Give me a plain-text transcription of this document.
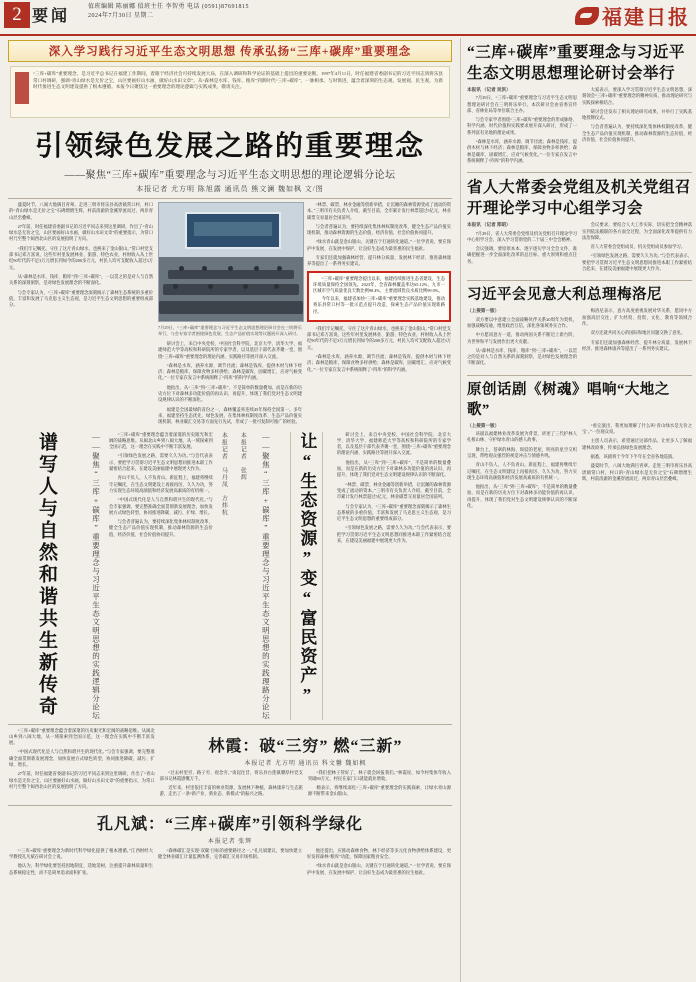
2 要闻
值班编辑 陈丽娜 值班主任 李智勇 电话 (0591)87691815
2024年7月30日 星期二	福建日报
深入学习践行习近平生态文明思想 传承弘扬“三库+碳库”重要理念

“三库+碳库”重要理念，是习近平总书记在福建工作期间，着眼于经济社会可持续发展大局，在深入调研和科学论证的基础上提出的重要论断。1997年4月11日，时任福建省委副书记的习近平同志到将乐县常口村调研，强调“青山绿水是无价之宝，山区要画好山水画，做好山水田文章”。从“森林是水库、钱库、粮库”到新时代“三库+碳库”，一脉相承、与时俱进，蕴含着深刻的生态观、发展观、民生观，为新时代推进生态文明建设提供了根本遵循。本报今日聚焦这一重要理念的理论逻辑与实践成果，敬请关注。

引领绿色发展之路的重要理念
——聚焦“三库+碳库”重要理念与习近平生态文明思想的理论逻辑分论坛
本报记者 尤方明 陈旭露 通讯员 熊文澜 魏如枫 文/图

盛夏时节，八闽大地满目青翠。走进三明市将乐县高唐镇常口村，村口的“青山绿水是无价之宝”石碑熠熠生辉，村前清澈的金溪穿流而过，两岸青山层峦叠嶂。

27年前，时任福建省委副书记的习近平同志来到这里调研，作出了“青山绿水是无价之宝，山区要画好山水画，做好山水田文章”的重要指示，为常口村乃至整个闽西北山区的发展指明了方向。

“我们牢记嘱托，守住了这片青山绿水，也换来了金山银山。”常口村党支部书记邓万富说，这些年村里发展林业、旅游、特色农业，村财收入从上世纪90年代的不足3万元增长到如今的200多万元，村民人均可支配收入超过3万元。

从“森林是水库、钱库、粮库”到“三库+碳库”，一以贯之的是对人与自然关系的深刻洞察，是对绿色发展理念的不断深化。

与会专家认为，“三库+碳库”重要理念深刻揭示了森林生态系统的多重价值，丰富和发展了马克思主义生态观，是习近平生态文明思想的重要组成部分。

7月29日，“三库+碳库”重要理念与习近平生态文明思想理论研讨会在三明将乐举行，与会专家学者围绕绿色发展、生态产品价值实现等议题展开深入研讨。

研讨会上，来自中央党校、中国社会科学院、北京大学、清华大学、福建师范大学等高校和科研院所的专家学者，以及基层干部代表齐聚一堂，围绕“三库+碳库”重要理念的理论内涵、实践路径等展开深入交流。

“森林是水库，涵养水源、调节径流；森林是钱库，提供木材与林下经济；森林是粮库，保障食物多样供给；森林是碳库，固碳增汇、应对气候变化。”一位专家在发言中系统阐释了“四库”的科学内涵。

他指出，从“三库”到“三库+碳库”，不是简单的数量叠加，而是在新的历史方位下对森林多功能价值的再认识、再提升，体现了我们党对生态文明建设规律认识的不断深化。

福建是全国最绿的省份之一，森林覆盖率连续45年保持全国第一。多年来，福建坚持生态优先、绿色发展，在集体林权制度改革、生态产品价值实现机制、林业碳汇交易等方面先行先试，形成了一批可复制可推广的经验。

“林票、碳票、林业金融等创新举措，让沉睡的森林资源变成了流动的资本。”三明市有关负责人介绍，截至目前，全市累计发行林票超过5亿元，林业碳票交易量居全国前列。

与会者普遍认为，要持续深化集体林权制度改革，健全生态产品价值实现机制，推动森林资源的生态价值、经济价值、社会价值协同提升。

“绿水青山就是金山银山，关键在于打通转化通道。”一位学者说，要在保护中发展、在发展中保护，让良好生态成为最普惠的民生福祉。

专家们还就加强森林经营、提升林分质量、发展林下经济、推进森林康养等提出了一系列务实建议。

“三库+碳库”重要理念提出以来，福建持续推进生态省建设，生态环境质量保持全国领先。2023年，全省森林覆盖率达65.12%，九市一区城市空气质量优良天数比例98.4%，主要流域优良水质比例99.0%。

今年以来，福建省加快“三库+碳库”重要理念实践基地建设，推动将乐县常口村等一批示范点提升改造，探索生态产品价值实现新路径。

“我们牢记嘱托，守住了这片青山绿水，也换来了金山银山。”常口村党支部书记邓万富说，这些年村里发展林业、旅游、特色农业，村财收入从上世纪90年代的不足3万元增长到如今的200多万元，村民人均可支配收入超过3万元。

“森林是水库，涵养水源、调节径流；森林是钱库，提供木材与林下经济；森林是粮库，保障食物多样供给；森林是碳库，固碳增汇、应对气候变化。”一位专家在发言中系统阐释了“四库”的科学内涵。

谱写人与自然和谐共生新传奇	——聚焦“三库+碳库”重要理念与习近平生态文明思想的实践逻辑分论坛	“三库+碳库”重要理念蕴含着深邃的历史眼光和宏阔的战略思维。从闽北山乡到八闽大地，从一域探索到全国示范，这一理念在实践中不断丰富发展。

“引领绿色发展之路，需要久久为功。”与会代表表示，要把学习贯彻习近平生态文明思想同推进本职工作紧密结合起来，在建设美丽福建中展现更大作为。

青山不负人，人不负青山。新征程上，福建将继续牢记嘱托，在生态文明建设上再接再厉、久久为功，努力实现生态环境高颜值和经济发展高素质的有机统一。

“中国式现代化是人与自然和谐共生的现代化。”与会专家强调，要完整准确全面贯彻新发展理念，加快发展方式绿色转型，协同推进降碳、减污、扩绿、增长。

与会者普遍认为，要持续深化集体林权制度改革，健全生态产品价值实现机制，推动森林资源的生态价值、经济价值、社会价值协同提升。

本报记者 马丹凤 方炜杭	本报记者 张辉 ——聚焦“三库+碳库”重要理念与习近平生态文明思想的实践理路分论坛	让“生态资源”变“富民资产”	研讨会上，来自中央党校、中国社会科学院、北京大学、清华大学、福建师范大学等高校和科研院所的专家学者，以及基层干部代表齐聚一堂，围绕“三库+碳库”重要理念的理论内涵、实践路径等展开深入交流。

他指出，从“三库”到“三库+碳库”，不是简单的数量叠加，而是在新的历史方位下对森林多功能价值的再认识、再提升，体现了我们党对生态文明建设规律认识的不断深化。

“林票、碳票、林业金融等创新举措，让沉睡的森林资源变成了流动的资本。”三明市有关负责人介绍，截至目前，全市累计发行林票超过5亿元，林业碳票交易量居全国前列。

与会专家认为，“三库+碳库”重要理念深刻揭示了森林生态系统的多重价值，丰富和发展了马克思主义生态观，是习近平生态文明思想的重要组成部分。

“引领绿色发展之路，需要久久为功。”与会代表表示，要把学习贯彻习近平生态文明思想同推进本职工作紧密结合起来，在建设美丽福建中展现更大作为。

“三库+碳库”重要理念蕴含着深邃的历史眼光和宏阔的战略思维。从闽北山乡到八闽大地，从一域探索到全国示范，这一理念在实践中不断丰富发展。

“中国式现代化是人与自然和谐共生的现代化。”与会专家强调，要完整准确全面贯彻新发展理念，加快发展方式绿色转型，协同推进降碳、减污、扩绿、增长。

27年前，时任福建省委副书记的习近平同志来到这里调研，作出了“青山绿水是无价之宝，山区要画好山水画，做好山水田文章”的重要指示，为常口村乃至整个闽西北山区的发展指明了方向。

林霞：破“三穷” 燃“三新”
本报记者 尤方明 通讯员 科文馨 魏如枫

“过去村里穷、路子穷、观念穷。”谈起往昔，将乐县白莲镇墈厚村党支部书记林霞感慨万千。

近年来，村里依托丰富的林业资源，发展林下种植、森林康养与生态旅游，走出了一条“新产业、新业态、新模式”的振兴之路。

“我们把林子管好了，林子就会回报我们。”林霞说，如今村集体年收入突破80万元，村民在家门口就能就业增收。

她表示，将继续深化“三库+碳库”重要理念的实践探索，让绿水青山源源不断带来金山银山。

孔凡斌：“三库+碳库”引领科学绿化
本报记者 张辉

“‘三库+碳库’重要理念为新时代科学绿化提供了根本遵循。”江西财经大学教授孔凡斌在研讨会上说。

他认为，科学绿化要坚持因地制宜、适地适树，注重提升森林质量和生态系统稳定性，而不是简单追求面积扩张。

“森林碳汇是实现‘双碳’目标的重要路径之一。”孔凡斌建议，要加快建立健全林业碳汇计量监测体系，完善碳汇交易市场机制。

他还提出，应推动森林食物、林下经济等多元化食物供给体系建设，更好发挥森林“粮库”功能，保障国家粮食安全。

“绿水青山就是金山银山，关键在于打通转化通道。”一位学者说，要在保护中发展、在发展中保护，让良好生态成为最普惠的民生福祉。

“三库+碳库”重要理念与习近平生态文明思想理论研讨会举行
本报讯 （记者 吴洪）

7月29日，“三库+碳库”重要理念与习近平生态文明思想理论研讨会在三明将乐举行。本次研讨会由省委宣传部、省林业局等单位联合主办。

与会专家学者围绕“三库+碳库”重要理念的形成脉络、科学内涵、时代价值和实践要求展开深入研讨，形成了一系列富有见地的理论成果。

“森林是水库，涵养水源、调节径流；森林是钱库，提供木材与林下经济；森林是粮库，保障食物多样供给；森林是碳库，固碳增汇、应对气候变化。”一位专家在发言中系统阐释了“四库”的科学内涵。

大家表示，要深入学习贯彻习近平生态文明思想，深刻领会“三库+碳库”重要理念的精神实质，推动理论研究与实践探索相结合。

研讨会还发布了相关理论研究成果，并举行了实践基地授牌仪式。

与会者普遍认为，要持续深化集体林权制度改革，健全生态产品价值实现机制，推动森林资源的生态价值、经济价值、社会价值协同提升。

省人大常委会党组及机关党组召开理论学习中心组学习会
本报讯 （记者 郑昭）

7月29日，省人大常委会党组及机关党组召开理论学习中心组学习会，深入学习贯彻党的二十届三中全会精神。

会议强调，要原原本本、逐字逐句学习全会文件，准确把握进一步全面深化改革的总目标、重大原则和重点任务。

会议要求，要结合人大工作实际，切实把全会精神落实到依法履职的各方面全过程，为全面深化改革提供有力法治保障。

省人大常委会党组成员、机关党组成员参加学习。

“引领绿色发展之路，需要久久为功。”与会代表表示，要把学习贯彻习近平生态文明思想同推进本职工作紧密结合起来，在建设美丽福建中展现更大作为。

习近平会见意大利总理梅洛尼
（上接第一版）

双方要以中意建立全面战略伙伴关系20周年为契机，加强战略沟通，增进政治互信，深化各领域务实合作。

中方愿同意方一道，推动两国关系不断迈上新台阶，为世界和平与发展作出更大贡献。

从“森林是水库、钱库、粮库”到“三库+碳库”，一以贯之的是对人与自然关系的深刻洞察，是对绿色发展理念的不断深化。

梅洛尼表示，意方高度重视发展对华关系，愿同中方加强高层交往，扩大经贸、投资、文化、教育等领域合作。

双方还就共同关心的国际和地区问题交换了意见。

专家们还就加强森林经营、提升林分质量、发展林下经济、推进森林康养等提出了一系列务实建议。

原创话剧《树魂》唱响“大地之歌”
（上接第一版）

该剧以福建林业改革发展为背景，讲述了三代护林人扎根山林、守护绿水青山的感人故事。

舞台上，苍翠的林海、斑驳的老屋、明亮的星空交织呈现，带给观众强烈的视觉冲击与情感共鸣。

青山不负人，人不负青山。新征程上，福建将继续牢记嘱托，在生态文明建设上再接再厉、久久为功，努力实现生态环境高颜值和经济发展高素质的有机统一。

他指出，从“三库”到“三库+碳库”，不是简单的数量叠加，而是在新的历史方位下对森林多功能价值的再认识、再提升，体现了我们党对生态文明建设规律认识的不断深化。

“看完演出，我更加理解了什么叫‘青山绿水是无价之宝’。”一位观众说。

主创人员表示，希望通过这部作品，让更多人了解福建林改故事，传承弘扬绿色发展理念。

据悉，该剧将于今年下半年在全省各地巡演。

盛夏时节，八闽大地满目青翠。走进三明市将乐县高唐镇常口村，村口的“青山绿水是无价之宝”石碑熠熠生辉，村前清澈的金溪穿流而过，两岸青山层峦叠嶂。
